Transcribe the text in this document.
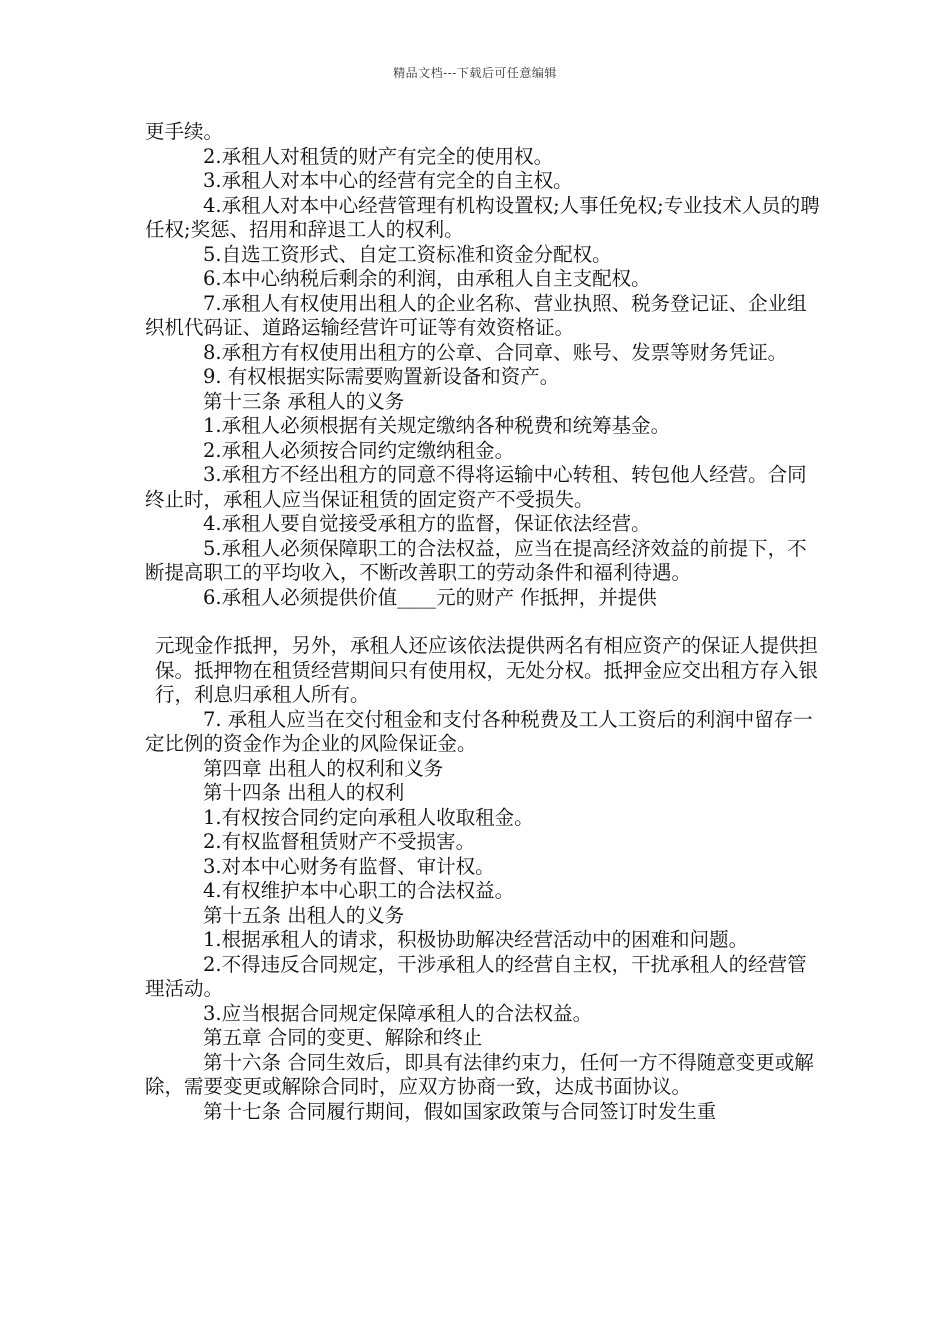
精品文档---下载后可任意编辑

更手续。

2.承租人对租赁的财产有完全的使用权。

3.承租人对本中心的经营有完全的自主权。

4.承租人对本中心经营管理有机构设置权;人事任免权;专业技术人员的聘任权;奖惩、招用和辞退工人的权利。

5.自选工资形式、自定工资标准和资金分配权。

6.本中心纳税后剩余的利润，由承租人自主支配权。

7.承租人有权使用出租人的企业名称、营业执照、税务登记证、企业组织机代码证、道路运输经营许可证等有效资格证。

8.承租方有权使用出租方的公章、合同章、账号、发票等财务凭证。

9. 有权根据实际需要购置新设备和资产。

第十三条 承租人的义务

1.承租人必须根据有关规定缴纳各种税费和统筹基金。

2.承租人必须按合同约定缴纳租金。

3.承租方不经出租方的同意不得将运输中心转租、转包他人经营。合同终止时，承租人应当保证租赁的固定资产不受损失。

4.承租人要自觉接受承租方的监督，保证依法经营。

5.承租人必须保障职工的合法权益，应当在提高经济效益的前提下，不断提高职工的平均收入，不断改善职工的劳动条件和福利待遇。

6.承租人必须提供价值____元的财产 作抵押，并提供

元现金作抵押，另外，承租人还应该依法提供两名有相应资产的保证人提供担保。抵押物在租赁经营期间只有使用权，无处分权。抵押金应交出租方存入银行，利息归承租人所有。

7. 承租人应当在交付租金和支付各种税费及工人工资后的利润中留存一定比例的资金作为企业的风险保证金。

第四章 出租人的权利和义务

第十四条 出租人的权利

1.有权按合同约定向承租人收取租金。

2.有权监督租赁财产不受损害。

3.对本中心财务有监督、审计权。

4.有权维护本中心职工的合法权益。

第十五条 出租人的义务

1.根据承租人的请求，积极协助解决经营活动中的困难和问题。

2.不得违反合同规定，干涉承租人的经营自主权，干扰承租人的经营管理活动。

3.应当根据合同规定保障承租人的合法权益。

第五章 合同的变更、解除和终止

第十六条 合同生效后，即具有法律约束力，任何一方不得随意变更或解除，需要变更或解除合同时，应双方协商一致，达成书面协议。

第十七条 合同履行期间，假如国家政策与合同签订时发生重
